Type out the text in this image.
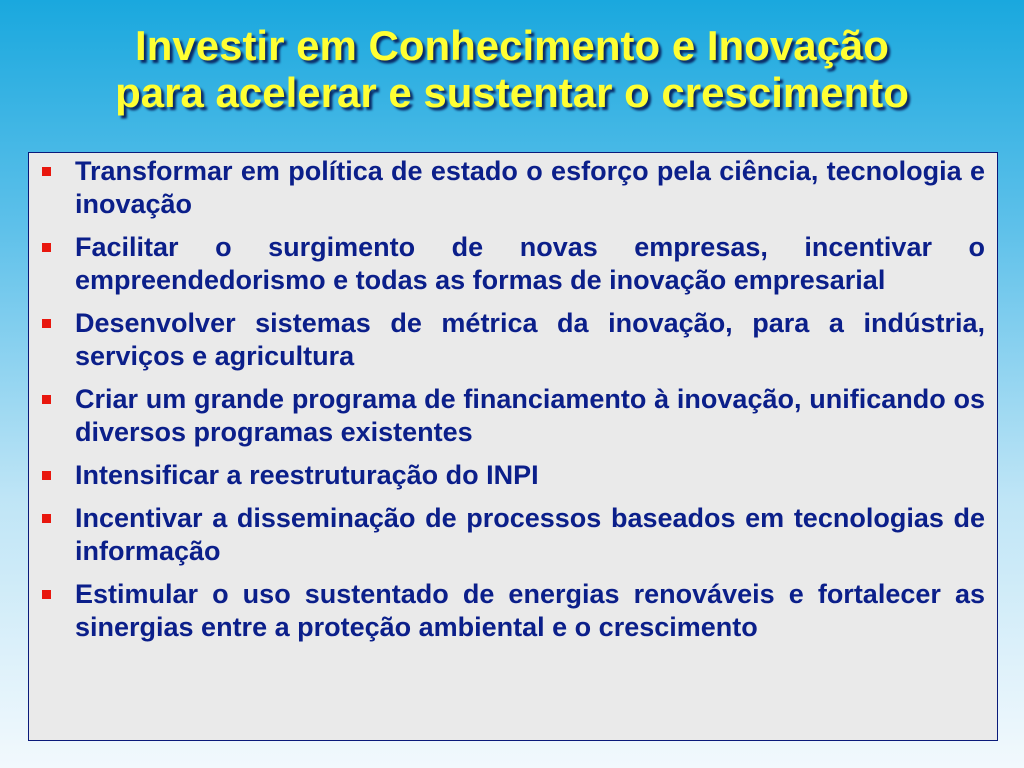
Investir em Conhecimento e Inovação
para acelerar e sustentar o crescimento
Transformar em política de estado o esforço pela ciência, tecnologia e inovação
Facilitar o surgimento de novas empresas, incentivar o empreendedorismo e todas as formas de inovação empresarial
Desenvolver sistemas de métrica da inovação, para a indústria, serviços e agricultura
Criar um grande programa de financiamento à inovação, unificando os diversos programas existentes
Intensificar a reestruturação do INPI
Incentivar a disseminação de processos baseados em tecnologias de informação
Estimular o uso sustentado de energias renováveis e fortalecer as sinergias entre a proteção ambiental e o crescimento
